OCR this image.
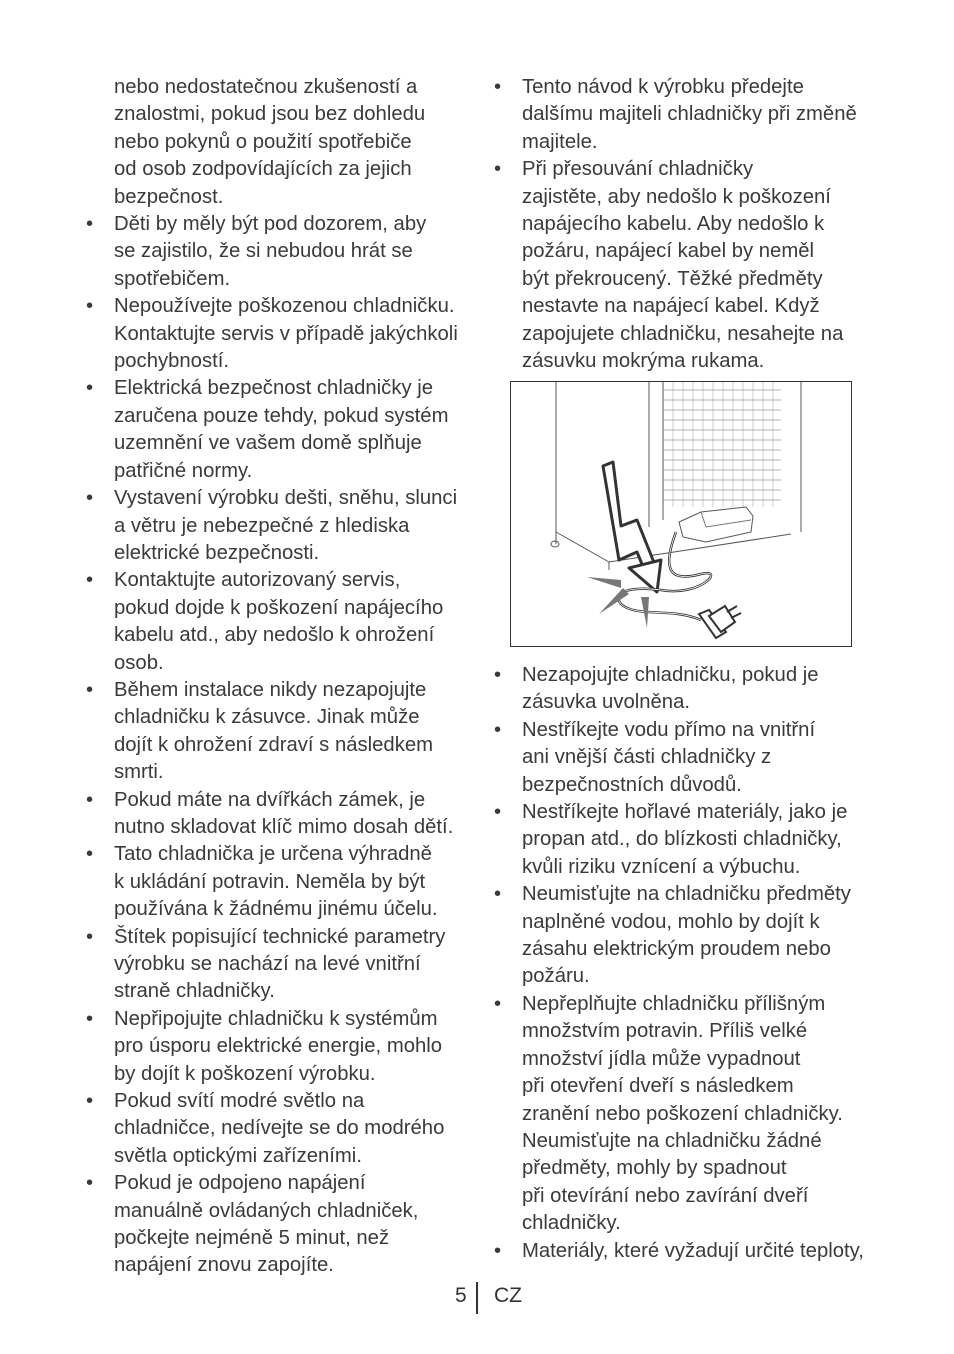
nebo nedostatečnou zkušeností a
znalostmi, pokud jsou bez dohledu
nebo pokynů o použití spotřebiče
od osob zodpovídajících za jejich
bezpečnost.
• Děti by měly být pod dozorem, aby
se zajistilo, že si nebudou hrát se
spotřebičem.
• Nepoužívejte poškozenou chladničku.
Kontaktujte servis v případě jakýchkoli
pochybností.
• Elektrická bezpečnost chladničky je
zaručena pouze tehdy, pokud systém
uzemnění ve vašem domě splňuje
patřičné normy.
• Vystavení výrobku dešti, sněhu, slunci
a větru je nebezpečné z hlediska
elektrické bezpečnosti.
• Kontaktujte autorizovaný servis,
pokud dojde k poškození napájecího
kabelu atd., aby nedošlo k ohrožení
osob.
• Během instalace nikdy nezapojujte
chladničku k zásuvce. Jinak může
dojít k ohrožení zdraví s následkem
smrti.
• Pokud máte na dvířkách zámek, je
nutno skladovat klíč mimo dosah dětí.
• Tato chladnička je určena výhradně
k ukládání potravin. Neměla by být
používána k žádnému jinému účelu.
• Štítek popisující technické parametry
výrobku se nachází na levé vnitřní
straně chladničky.
• Nepřipojujte chladničku k systémům
pro úsporu elektrické energie, mohlo
by dojít k poškození výrobku.
• Pokud svítí modré světlo na
chladničce, nedívejte se do modrého
světla optickými zařízeními.
• Pokud je odpojeno napájení
manuálně ovládaných chladniček,
počkejte nejméně 5 minut, než
napájení znovu zapojíte.
• Tento návod k výrobku předejte
dalšímu majiteli chladničky při změně
majitele.
• Při přesouvání chladničky
zajistěte, aby nedošlo k poškození
napájecího kabelu. Aby nedošlo k
požáru, napájecí kabel by neměl
být překroucený. Těžké předměty
nestavte na napájecí kabel. Když
zapojujete chladničku, nesahejte na
zásuvku mokrýma rukama.
• Nezapojujte chladničku, pokud je
zásuvka uvolněna.
• Nestříkejte vodu přímo na vnitřní
ani vnější části chladničky z
bezpečnostních důvodů.
• Nestříkejte hořlavé materiály, jako je
propan atd., do blízkosti chladničky,
kvůli riziku vznícení a výbuchu.
• Neumisťujte na chladničku předměty
naplněné vodou, mohlo by dojít k
zásahu elektrickým proudem nebo
požáru.
• Nepřeplňujte chladničku přílišným
množstvím potravin. Příliš velké
množství jídla může vypadnout
při otevření dveří s následkem
zranění nebo poškození chladničky.
Neumisťujte na chladničku žádné
předměty, mohly by spadnout
při otevírání nebo zavírání dveří
chladničky.
• Materiály, které vyžadují určité teploty,
5 CZ
